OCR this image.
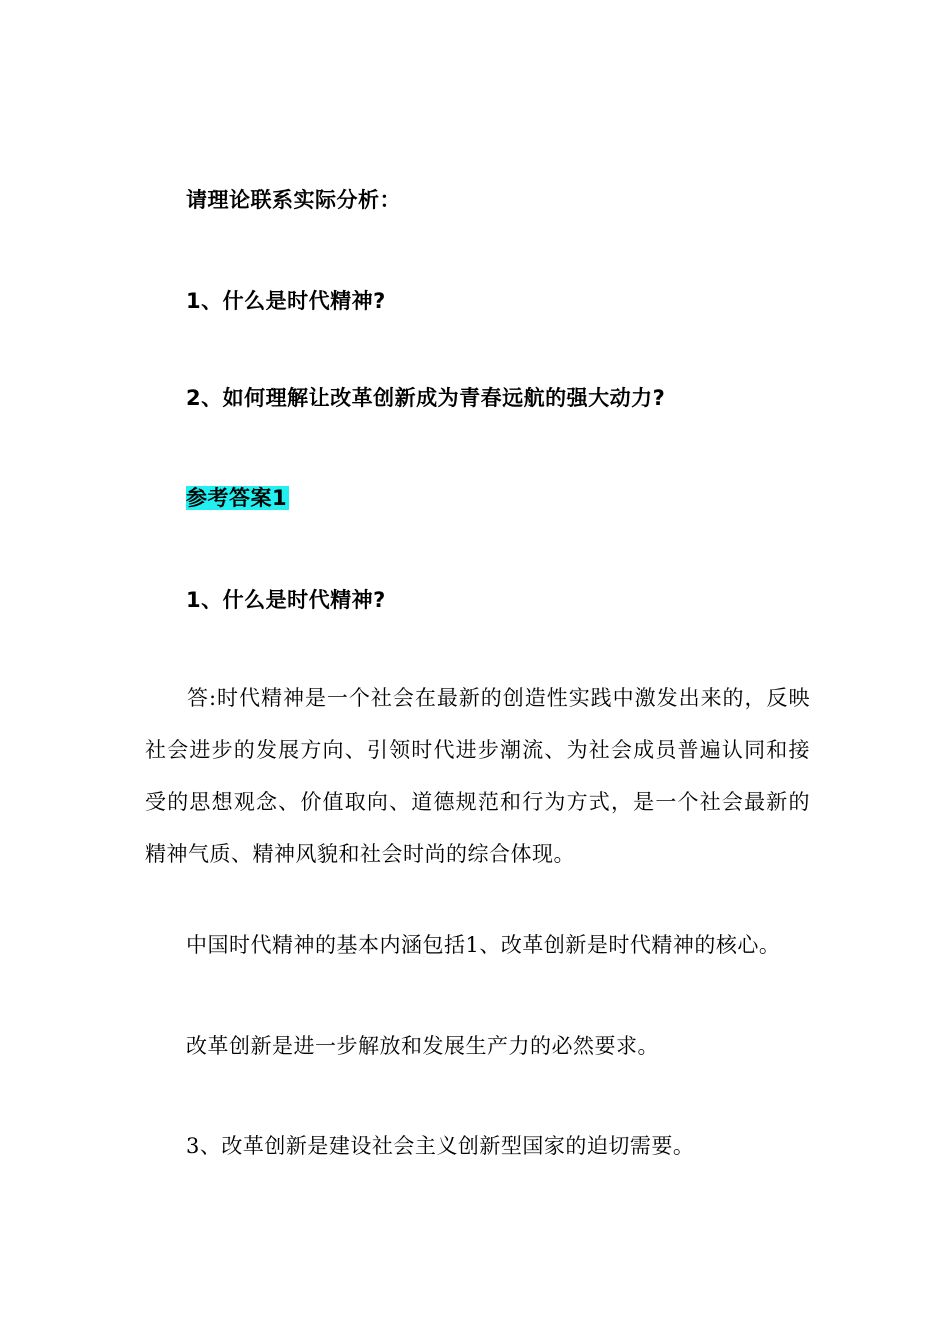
请理论联系实际分析：
1、什么是时代精神?
2、如何理解让改革创新成为青春远航的强大动力?
参考答案1
1、什么是时代精神?
答:时代精神是一个社会在最新的创造性实践中激发出来的，反映社会进步的发展方向、引领时代进步潮流、为社会成员普遍认同和接受的思想观念、价值取向、道德规范和行为方式，是一个社会最新的精神气质、精神风貌和社会时尚的综合体现。
中国时代精神的基本内涵包括1、改革创新是时代精神的核心。
改革创新是进一步解放和发展生产力的必然要求。
3、改革创新是建设社会主义创新型国家的迫切需要。
